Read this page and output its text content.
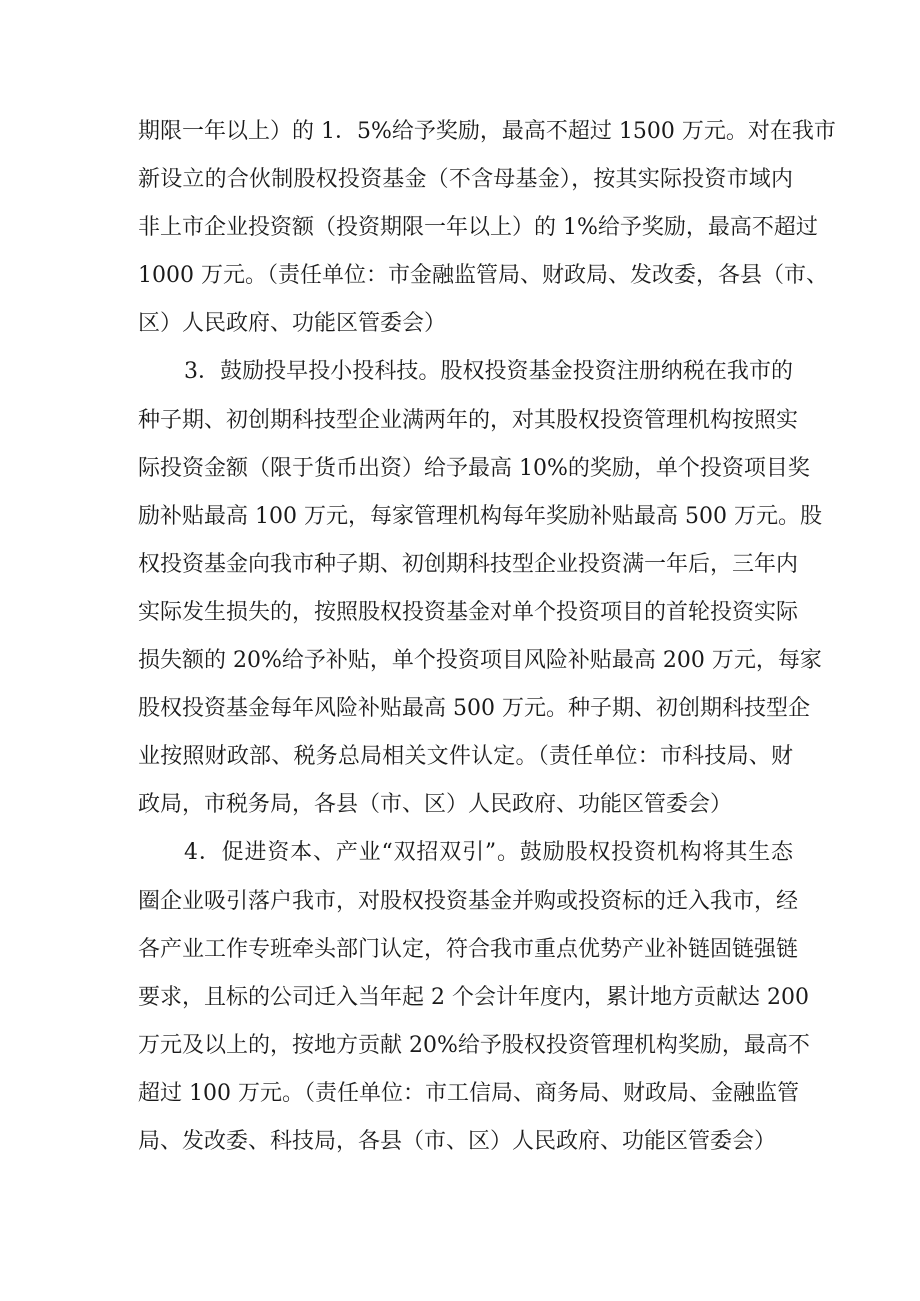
期限一年以上）的 1．5%给予奖励，最高不超过 1500 万元。对在我市
新设立的合伙制股权投资基金（不含母基金），按其实际投资市域内
非上市企业投资额（投资期限一年以上）的 1%给予奖励，最高不超过
1000 万元。（责任单位：市金融监管局、财政局、发改委，各县（市、
区）人民政府、功能区管委会）
3．鼓励投早投小投科技。股权投资基金投资注册纳税在我市的
种子期、初创期科技型企业满两年的，对其股权投资管理机构按照实
际投资金额（限于货币出资）给予最高 10%的奖励，单个投资项目奖
励补贴最高 100 万元，每家管理机构每年奖励补贴最高 500 万元。股
权投资基金向我市种子期、初创期科技型企业投资满一年后，三年内
实际发生损失的，按照股权投资基金对单个投资项目的首轮投资实际
损失额的 20%给予补贴，单个投资项目风险补贴最高 200 万元，每家
股权投资基金每年风险补贴最高 500 万元。种子期、初创期科技型企
业按照财政部、税务总局相关文件认定。（责任单位：市科技局、财
政局，市税务局，各县（市、区）人民政府、功能区管委会）
4．促进资本、产业“双招双引”。鼓励股权投资机构将其生态
圈企业吸引落户我市，对股权投资基金并购或投资标的迁入我市，经
各产业工作专班牵头部门认定，符合我市重点优势产业补链固链强链
要求，且标的公司迁入当年起 2 个会计年度内，累计地方贡献达 200
万元及以上的，按地方贡献 20%给予股权投资管理机构奖励，最高不
超过 100 万元。（责任单位：市工信局、商务局、财政局、金融监管
局、发改委、科技局，各县（市、区）人民政府、功能区管委会）
